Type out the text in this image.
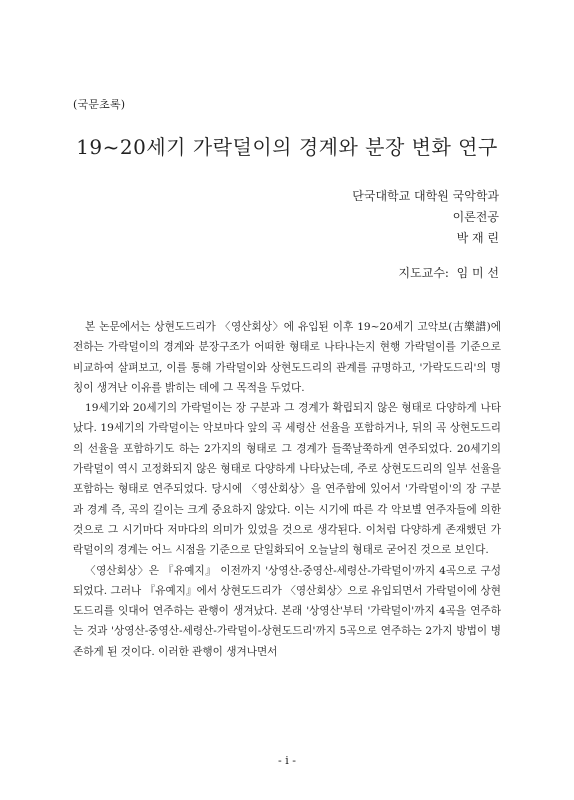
(국문초록)
19~20세기 가락덜이의 경계와 분장 변화 연구
단국대학교 대학원 국악학과
이론전공
박 재 린
지도교수:  임 미 선

본 논문에서는 상현도드리가 〈영산회상〉에 유입된 이후 19~20세기 고악보(古樂譜)에 전하는 가락덜이의 경계와 분장구조가 어떠한 형태로 나타나는지 현행 가락덜이를 기준으로 비교하여 살펴보고, 이를 통해 가락덜이와 상현도드리의 관계를 규명하고, '가락도드리'의 명칭이 생겨난 이유를 밝히는 데에 그 목적을 두었다.

19세기와 20세기의 가락덜이는 장 구분과 그 경계가 확립되지 않은 형태로 다양하게 나타났다. 19세기의 가락덜이는 악보마다 앞의 곡 세령산 선율을 포함하거나, 뒤의 곡 상현도드리의 선율을 포함하기도 하는 2가지의 형태로 그 경계가 들쭉날쭉하게 연주되었다. 20세기의 가락덜이 역시 고정화되지 않은 형태로 다양하게 나타났는데, 주로 상현도드리의 일부 선율을 포함하는 형태로 연주되었다. 당시에 〈영산회상〉을 연주함에 있어서 '가락덜이'의 장 구분과 경계 즉, 곡의 길이는 크게 중요하지 않았다. 이는 시기에 따른 각 악보별 연주자들에 의한 것으로 그 시기마다 저마다의 의미가 있었을 것으로 생각된다. 이처럼 다양하게 존재했던 가락덜이의 경계는 어느 시점을 기준으로 단일화되어 오늘날의 형태로 굳어진 것으로 보인다.

〈영산회상〉은 『유예지』 이전까지 '상영산-중영산-세령산-가락덜이'까지 4곡으로 구성되었다. 그러나 『유예지』에서 상현도드리가 〈영산회상〉으로 유입되면서 가락덜이에 상현도드리를 잇대어 연주하는 관행이 생겨났다. 본래 '상영산'부터 '가락덜이'까지 4곡을 연주하는 것과 '상영산-중영산-세령산-가락덜이-상현도드리'까지 5곡으로 연주하는 2가지 방법이 병존하게 된 것이다. 이러한 관행이 생겨나면서

- i -
